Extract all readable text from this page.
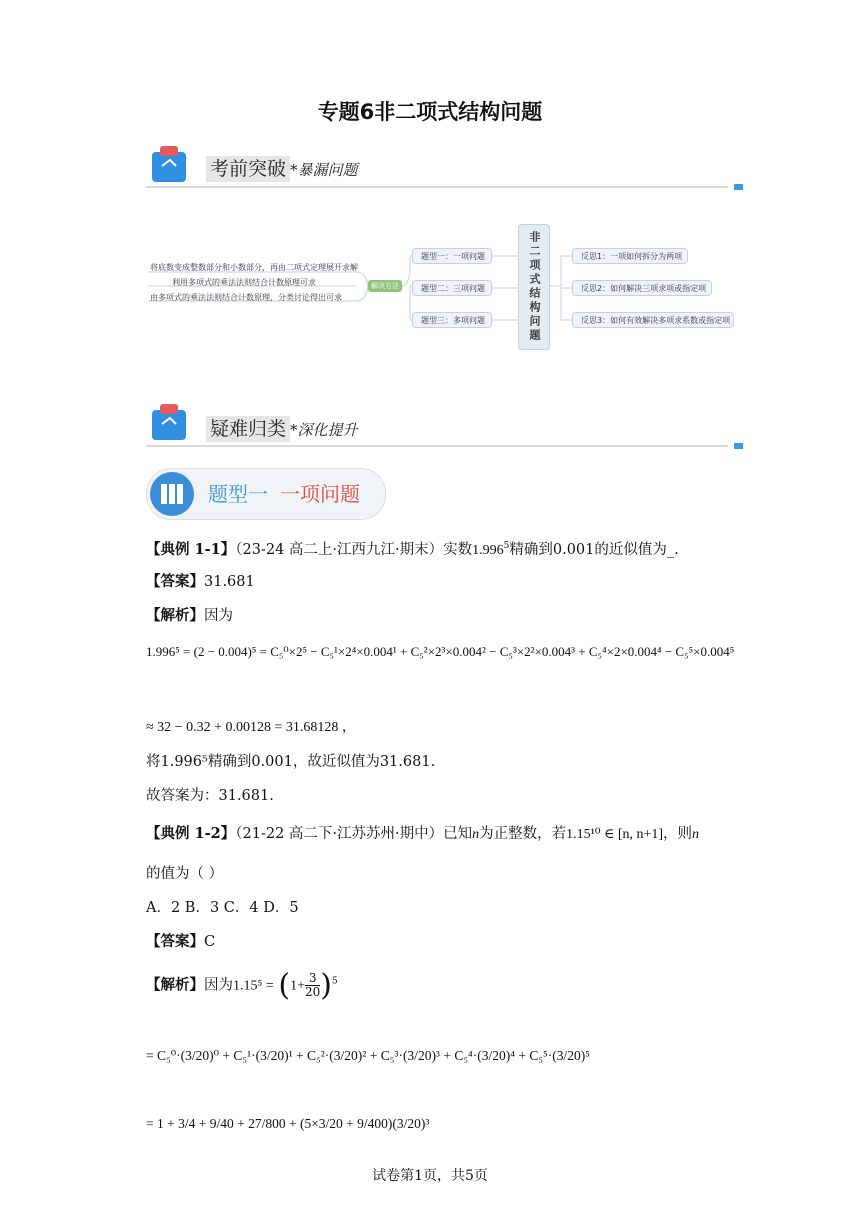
专题6非二项式结构问题
考前突破 *暴漏问题
将底数变成整数部分和小数部分，再由二项式定理展开求解
利用多项式的乘法法则结合计数原理可求
由多项式的乘法法则结合计数原理，分类讨论得出可求
解决方法
题型一：一项问题
题型二：三项问题
题型三：多项问题	非二项式结构问题	反思1：一项如何拆分为两项
反思2：如何解决三项求项或指定项
反思3：如何有效解决多项求系数或指定项
疑难归类 *深化提升
题型一 一项问题
【典例 1-1】（23-24 高二上·江西九江·期末）实数1.996$^5$精确到0.001的近似值为_.
【答案】31.681
【解析】因为
1.996⁵ = (2 − 0.004)⁵ = C₅⁰×2⁵ − C₅¹×2⁴×0.004¹ + C₅²×2³×0.004² − C₅³×2²×0.004³ + C₅⁴×2×0.004⁴ − C₅⁵×0.004⁵
≈ 32 − 0.32 + 0.00128 = 31.68128 ，
将1.996⁵精确到0.001，故近似值为31.681.
故答案为：31.681.
【典例 1-2】（21-22 高二下·江苏苏州·期中）已知n为正整数，若1.15¹⁰ ∈ [n, n+1]，则n
的值为（ ）
A．2 B．3 C．4 D．5
【答案】C
【解析】因为$1.15^5 = (1+ \frac{3}{20} )^5$
= C₅⁰·(3/20)⁰ + C₅¹·(3/20)¹ + C₅²·(3/20)² + C₅³·(3/20)³ + C₅⁴·(3/20)⁴ + C₅⁵·(3/20)⁵
= 1 + 3/4 + 9/40 + 27/800 + (5×3/20 + 9/400)(3/20)³
试卷第1页，共5页
